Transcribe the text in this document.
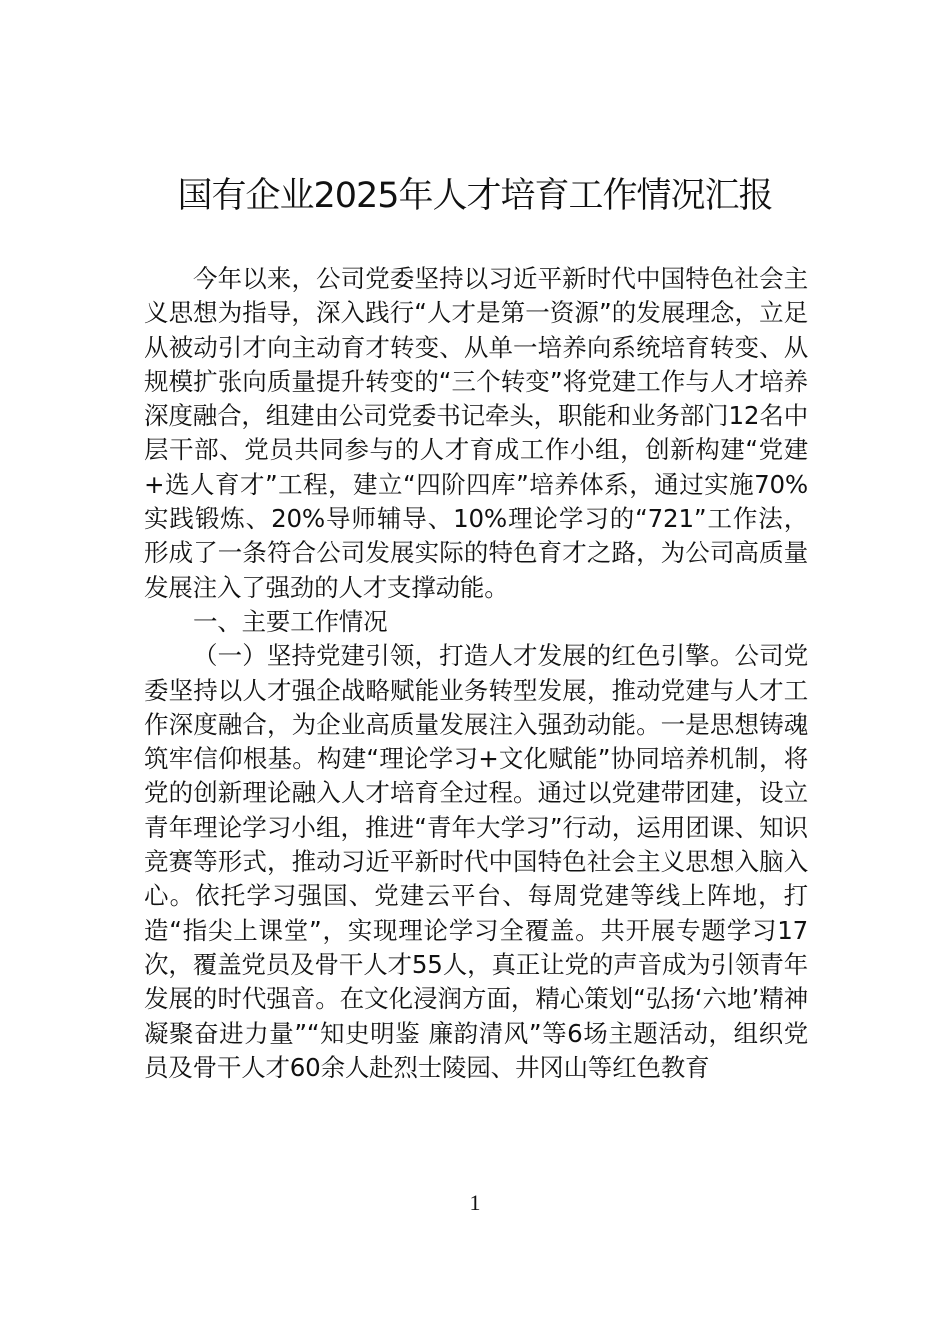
国有企业2025年人才培育工作情况汇报

今年以来，公司党委坚持以习近平新时代中国特色社会主义思想为指导，深入践行“人才是第一资源”的发展理念，立足从被动引才向主动育才转变、从单一培养向系统培育转变、从规模扩张向质量提升转变的“三个转变”将党建工作与人才培养深度融合，组建由公司党委书记牵头，职能和业务部门12名中层干部、党员共同参与的人才育成工作小组，创新构建“党建+选人育才”工程，建立“四阶四库”培养体系，通过实施70%实践锻炼、20%导师辅导、10%理论学习的“721”工作法，形成了一条符合公司发展实际的特色育才之路，为公司高质量发展注入了强劲的人才支撑动能。

一、主要工作情况

（一）坚持党建引领，打造人才发展的红色引擎。公司党委坚持以人才强企战略赋能业务转型发展，推动党建与人才工作深度融合，为企业高质量发展注入强劲动能。一是思想铸魂筑牢信仰根基。构建“理论学习+文化赋能”协同培养机制，将党的创新理论融入人才培育全过程。通过以党建带团建，设立青年理论学习小组，推进“青年大学习”行动，运用团课、知识竞赛等形式，推动习近平新时代中国特色社会主义思想入脑入心。依托学习强国、党建云平台、每周党建等线上阵地，打造“指尖上课堂”，实现理论学习全覆盖。共开展专题学习17次，覆盖党员及骨干人才55人，真正让党的声音成为引领青年发展的时代强音。在文化浸润方面，精心策划“弘扬‘六地’精神 凝聚奋进力量”“知史明鉴 廉韵清风”等6场主题活动，组织党员及骨干人才60余人赴烈士陵园、井冈山等红色教育

1
